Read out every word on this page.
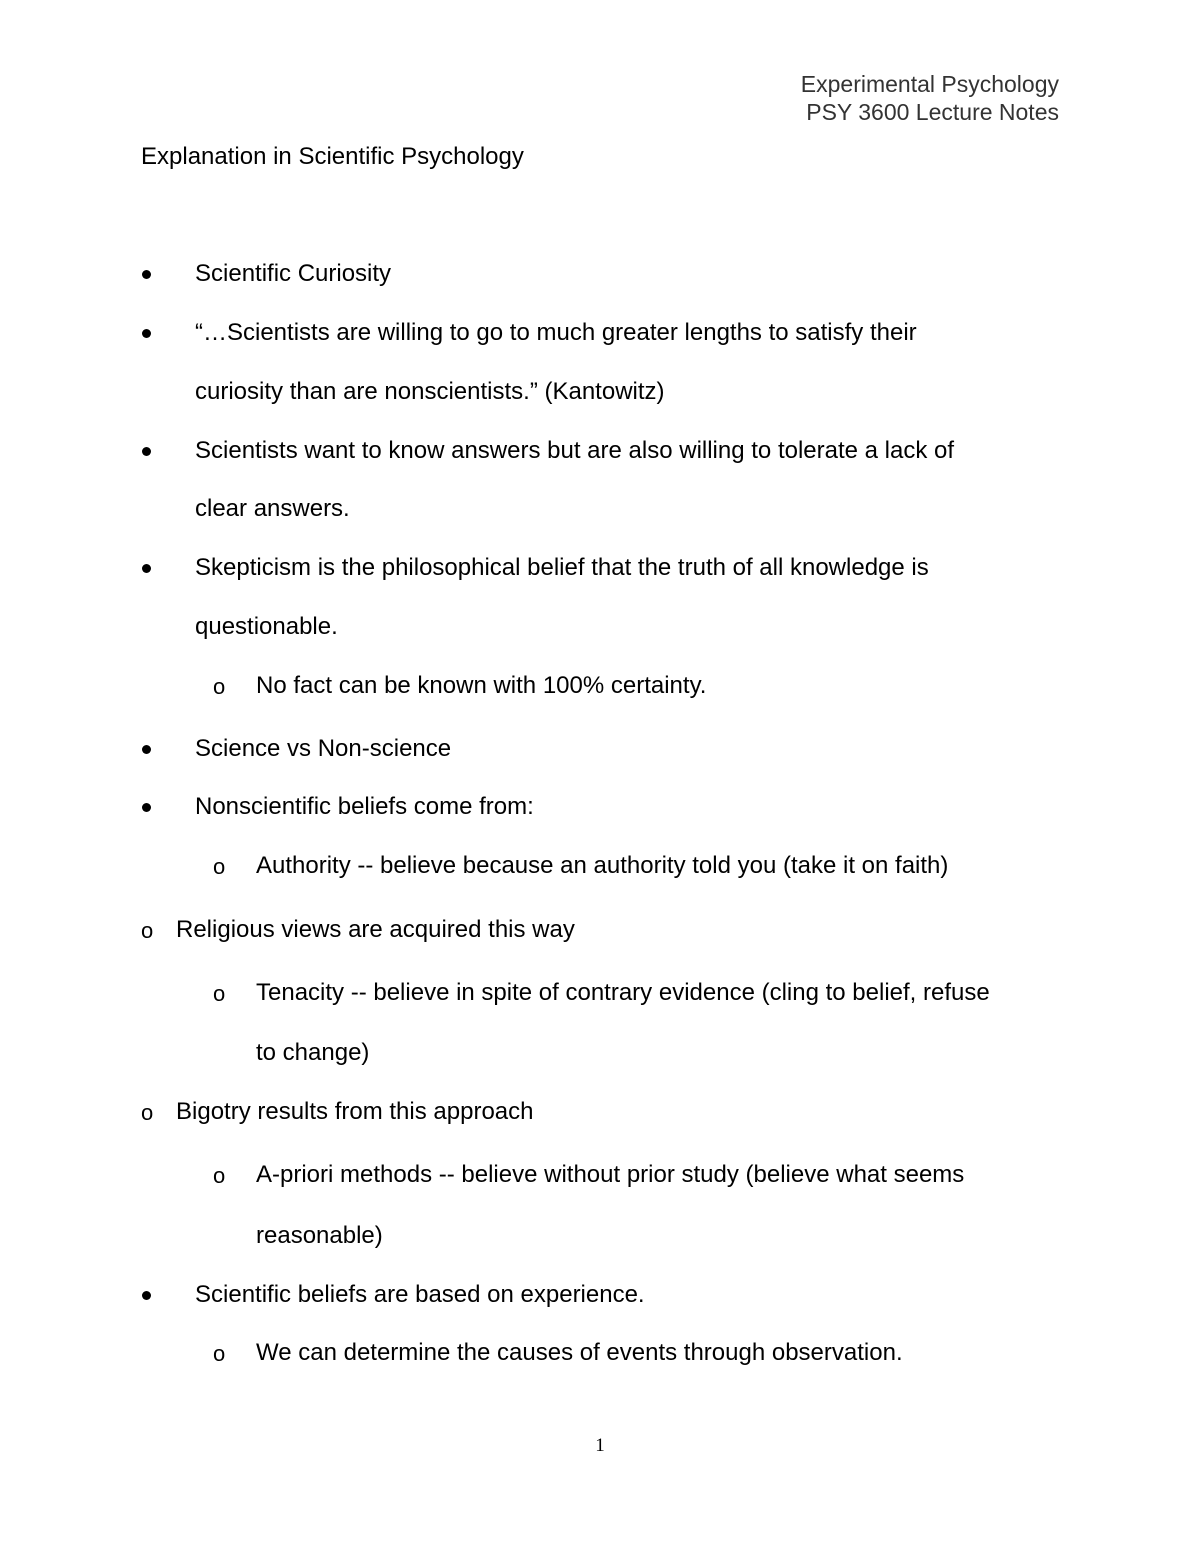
Experimental Psychology
PSY 3600 Lecture Notes
Explanation in Scientific Psychology
Scientific Curiosity
“…Scientists are willing to go to much greater lengths to satisfy their
curiosity than are nonscientists.” (Kantowitz)
Scientists want to know answers but are also willing to tolerate a lack of
clear answers.
Skepticism is the philosophical belief that the truth of all knowledge is
questionable.
o No fact can be known with 100% certainty.
Science vs Non-science
Nonscientific beliefs come from:
o Authority -- believe because an authority told you (take it on faith)
o Religious views are acquired this way
o Tenacity -- believe in spite of contrary evidence (cling to belief, refuse
to change)
o Bigotry results from this approach
o A-priori methods -- believe without prior study (believe what seems
reasonable)
Scientific beliefs are based on experience.
o We can determine the causes of events through observation.
1
